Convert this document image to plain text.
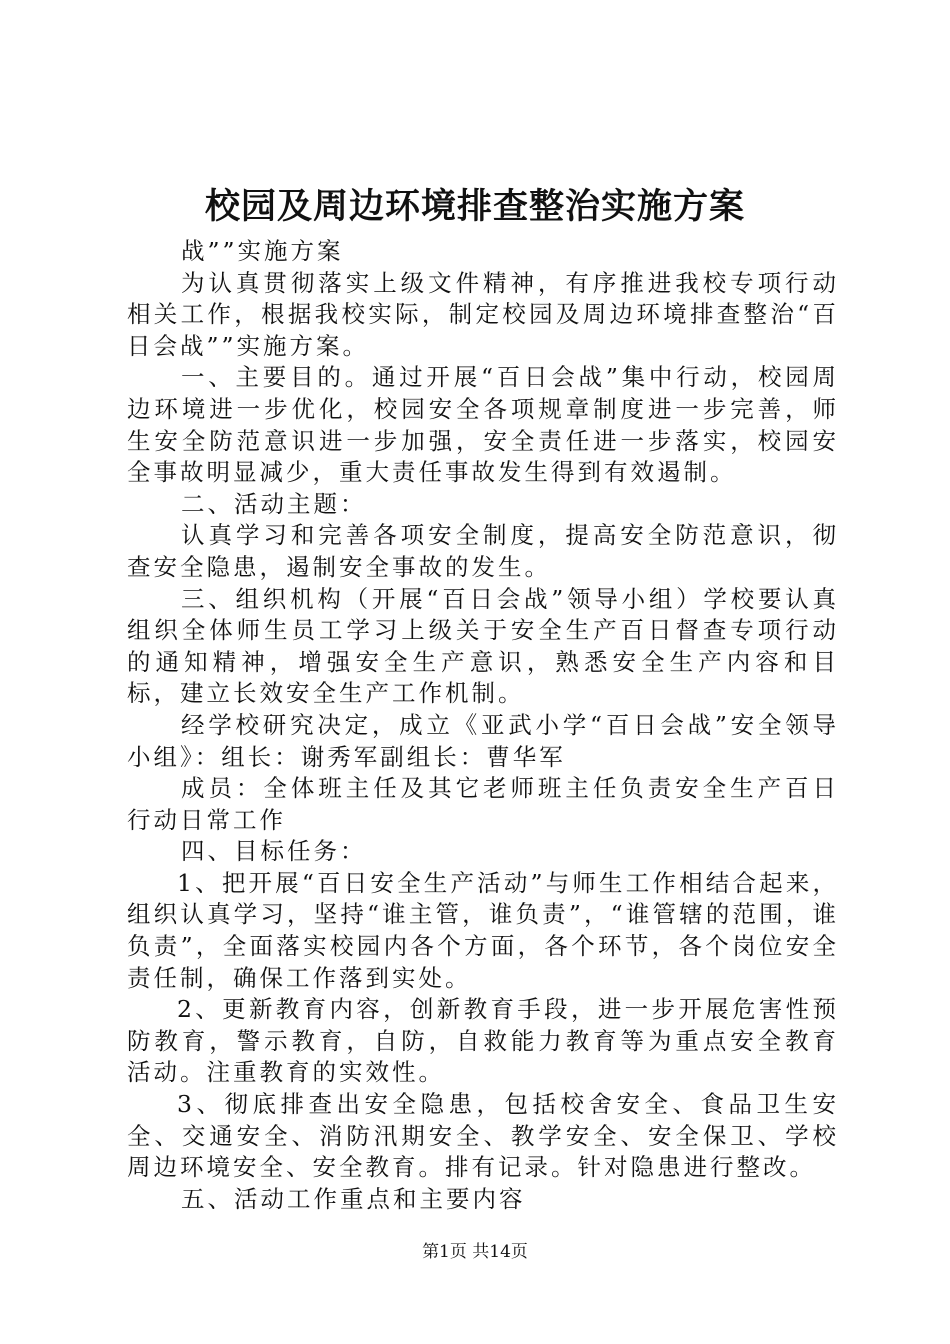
校园及周边环境排查整治实施方案

战””实施方案

为认真贯彻落实上级文件精神，有序推进我校专项行动相关工作，根据我校实际，制定校园及周边环境排查整治“百日会战””实施方案。

一、主要目的。通过开展“百日会战”集中行动，校园周边环境进一步优化，校园安全各项规章制度进一步完善，师生安全防范意识进一步加强，安全责任进一步落实，校园安全事故明显减少，重大责任事故发生得到有效遏制。

二、活动主题：

认真学习和完善各项安全制度，提高安全防范意识，彻查安全隐患，遏制安全事故的发生。

三、组织机构（开展“百日会战”领导小组）学校要认真组织全体师生员工学习上级关于安全生产百日督查专项行动的通知精神，增强安全生产意识，熟悉安全生产内容和目标，建立长效安全生产工作机制。

经学校研究决定，成立《亚武小学“百日会战”安全领导小组》：组长：谢秀军副组长：曹华军

成员：全体班主任及其它老师班主任负责安全生产百日行动日常工作

四、目标任务：

1、把开展“百日安全生产活动”与师生工作相结合起来，组织认真学习，坚持“谁主管，谁负责”，“谁管辖的范围，谁负责”，全面落实校园内各个方面，各个环节，各个岗位安全责任制，确保工作落到实处。

2、更新教育内容，创新教育手段，进一步开展危害性预防教育，警示教育，自防，自救能力教育等为重点安全教育活动。注重教育的实效性。

3、彻底排查出安全隐患，包括校舍安全、食品卫生安全、交通安全、消防汛期安全、教学安全、安全保卫、学校周边环境安全、安全教育。排有记录。针对隐患进行整改。

五、活动工作重点和主要内容

第1页 共14页
